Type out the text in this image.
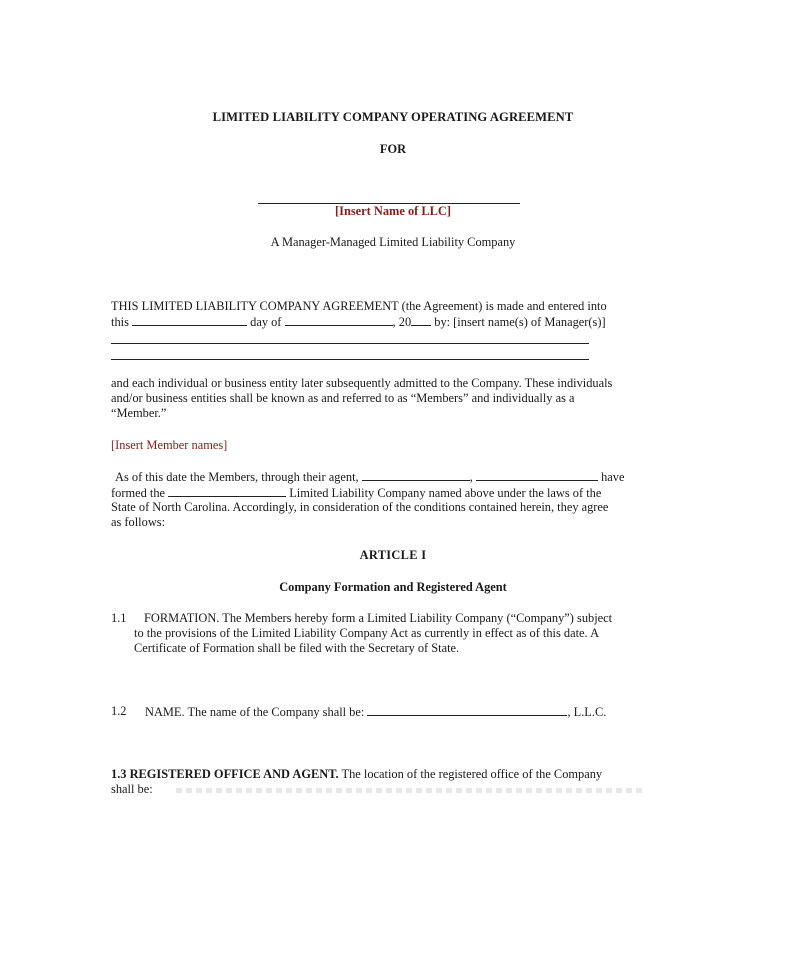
LIMITED LIABILITY COMPANY OPERATING AGREEMENT
FOR
[Insert Name of LLC]
A Manager-Managed Limited Liability Company
THIS LIMITED LIABILITY COMPANY AGREEMENT (the Agreement) is made and entered into
this	day of	, 20 by: [insert name(s) of Manager(s)]
and each individual or business entity later subsequently admitted to the Company. These individuals
and/or business entities shall be known as and referred to as “Members” and individually as a
“Member.”
[Insert Member names]
As of this date the Members, through their agent,	,	have
formed the	Limited Liability Company named above under the laws of the
State of North Carolina. Accordingly, in consideration of the conditions contained herein, they agree
as follows:
ARTICLE I
Company Formation and Registered Agent
1.1 FORMATION. The Members hereby form a Limited Liability Company (“Company”) subject
to the provisions of the Limited Liability Company Act as currently in effect as of this date. A
Certificate of Formation shall be filed with the Secretary of State.
1.2 NAME. The name of the Company shall be:	, L.L.C.
1.3 REGISTERED OFFICE AND AGENT. The location of the registered office of the Company
shall be:
